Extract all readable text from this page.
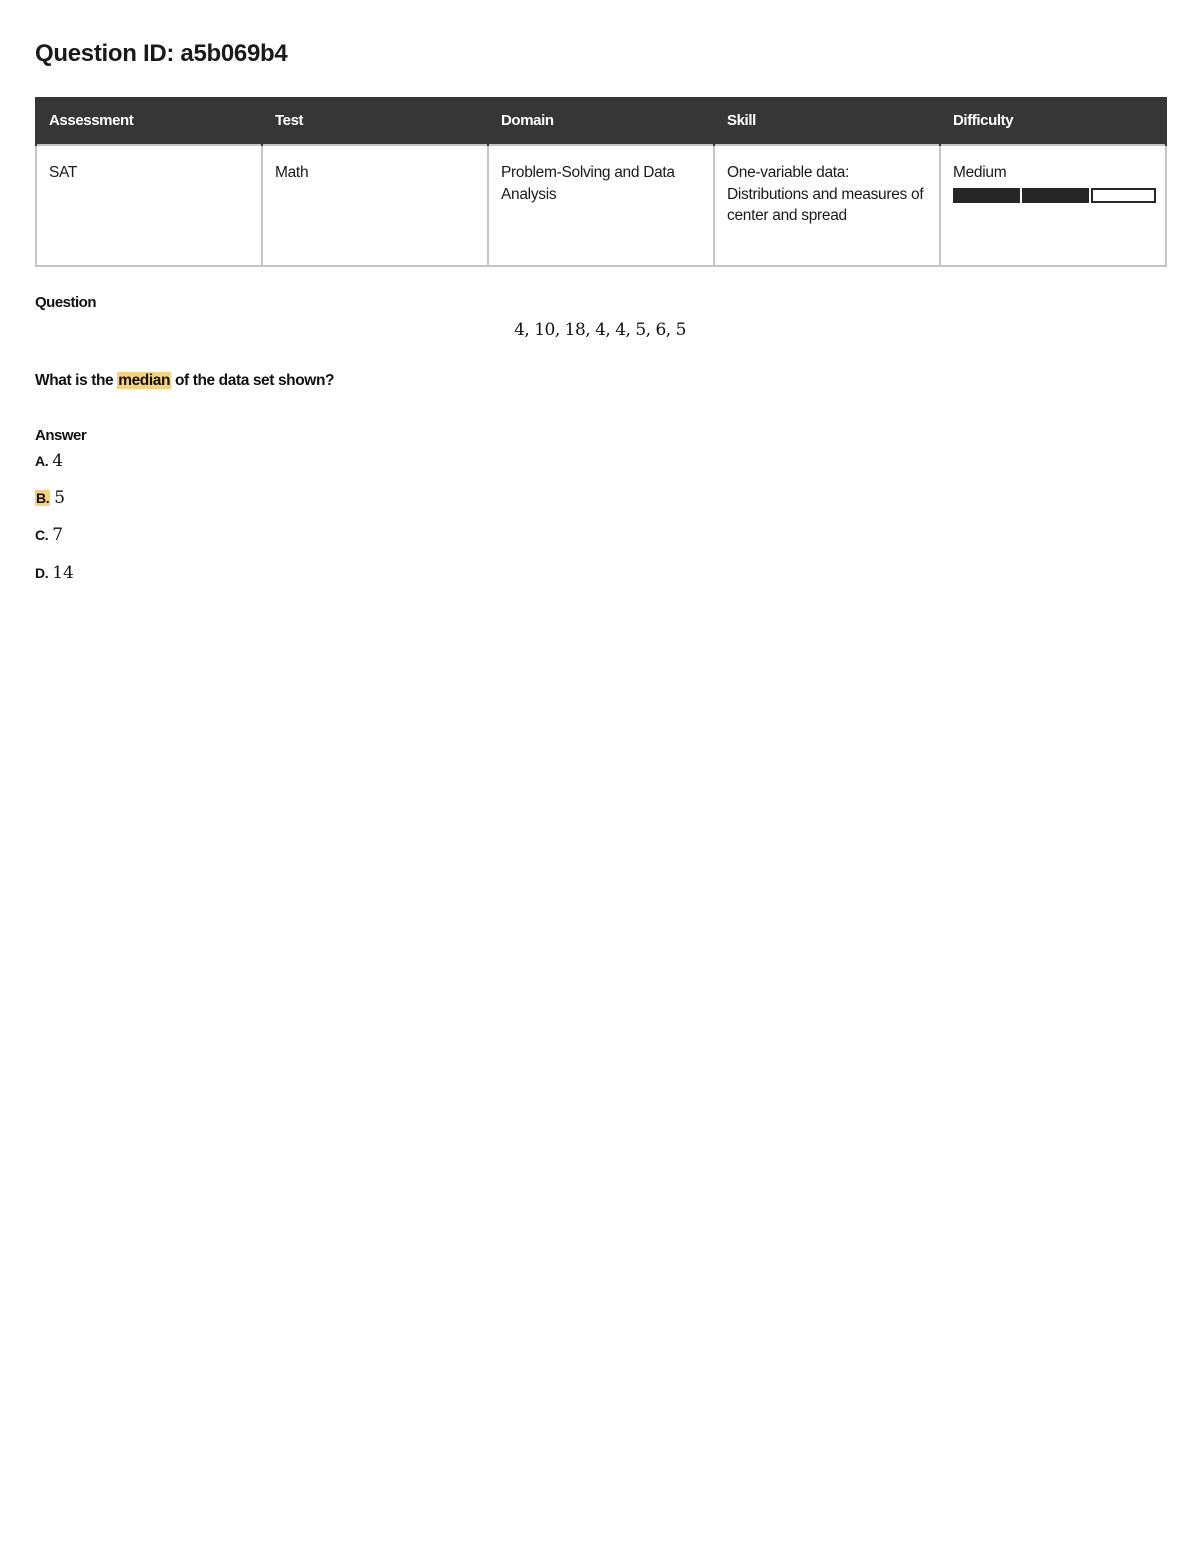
Question ID: a5b069b4
Assessment	Test	Domain	Skill	Difficulty
SAT	Math	Problem-Solving and Data Analysis	One-variable data: Distributions and measures of center and spread	Medium
Question
4, 10, 18, 4, 4, 5, 6, 5
What is the median of the data set shown?
Answer
A. 4
B. 5
C. 7
D. 14
